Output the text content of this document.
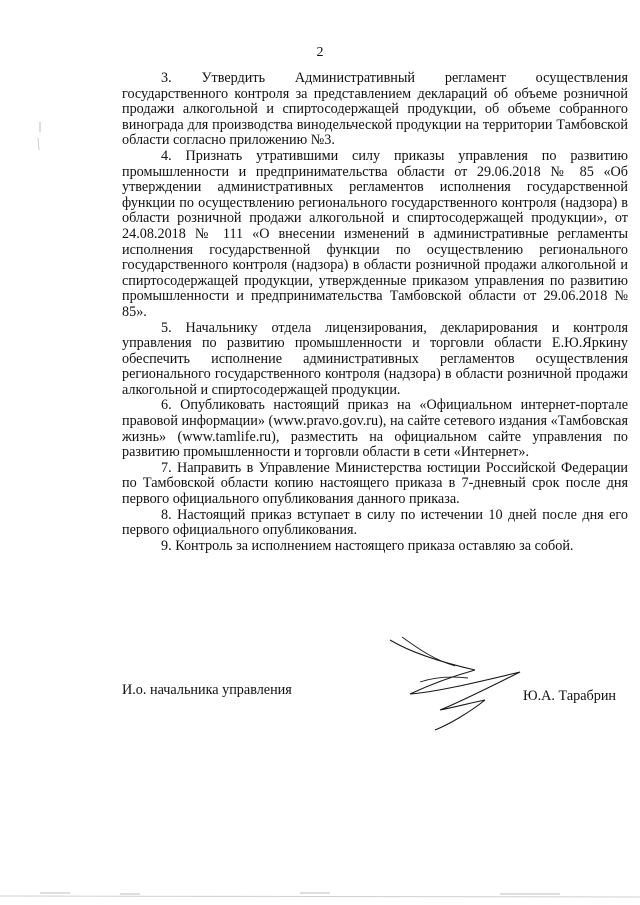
2

3. Утвердить Административный регламент осуществления государственного контроля за представлением деклараций об объеме розничной продажи алкогольной и спиртосодержащей продукции, об объеме собранного винограда для производства винодельческой продукции на территории Тамбовской области согласно приложению №3.

4. Признать утратившими силу приказы управления по развитию промышленности и предпринимательства области от 29.06.2018 № 85 «Об утверждении административных регламентов исполнения государственной функции по осуществлению регионального государственного контроля (надзора) в области розничной продажи алкогольной и спиртосодержащей продукции», от 24.08.2018 № 111 «О внесении изменений в административные регламенты исполнения государственной функции по осуществлению регионального государственного контроля (надзора) в области розничной продажи алкогольной и спиртосодержащей продукции, утвержденные приказом управления по развитию промышленности и предпринимательства Тамбовской области от 29.06.2018 № 85».

5. Начальнику отдела лицензирования, декларирования и контроля управления по развитию промышленности и торговли области Е.Ю.Яркину обеспечить исполнение административных регламентов осуществления регионального государственного контроля (надзора) в области розничной продажи алкогольной и спиртосодержащей продукции.

6. Опубликовать настоящий приказ на «Официальном интернет-портале правовой информации» (www.pravo.gov.ru), на сайте сетевого издания «Тамбовская жизнь» (www.tamlife.ru), разместить на официальном сайте управления по развитию промышленности и торговли области в сети «Интернет».

7. Направить в Управление Министерства юстиции Российской Федерации по Тамбовской области копию настоящего приказа в 7-дневный срок после дня первого официального опубликования данного приказа.

8. Настоящий приказ вступает в силу по истечении 10 дней после дня его первого официального опубликования.

9. Контроль за исполнением настоящего приказа оставляю за собой.

И.о. начальника управления	Ю.А. Тарабрин
